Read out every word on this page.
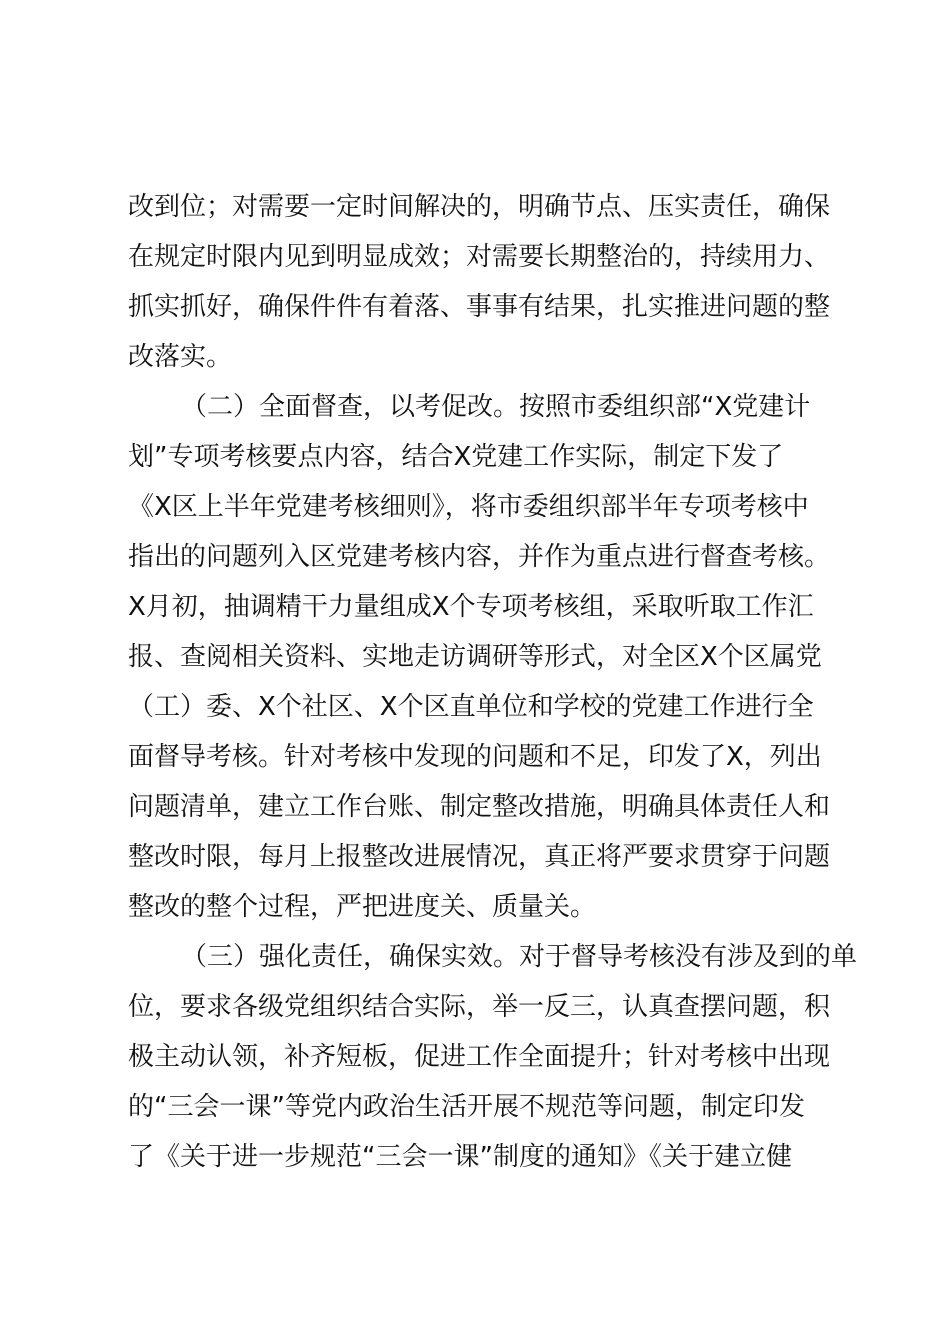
改到位；对需要一定时间解决的，明确节点、压实责任，确保
在规定时限内见到明显成效；对需要长期整治的，持续用力、
抓实抓好，确保件件有着落、事事有结果，扎实推进问题的整
改落实。
（二）全面督查，以考促改。按照市委组织部“X党建计
划”专项考核要点内容，结合X党建工作实际，制定下发了
《X区上半年党建考核细则》，将市委组织部半年专项考核中
指出的问题列入区党建考核内容，并作为重点进行督查考核。
X月初，抽调精干力量组成X个专项考核组，采取听取工作汇
报、查阅相关资料、实地走访调研等形式，对全区X个区属党
（工）委、X个社区、X个区直单位和学校的党建工作进行全
面督导考核。针对考核中发现的问题和不足，印发了X，列出
问题清单，建立工作台账、制定整改措施，明确具体责任人和
整改时限，每月上报整改进展情况，真正将严要求贯穿于问题
整改的整个过程，严把进度关、质量关。
（三）强化责任，确保实效。对于督导考核没有涉及到的单
位，要求各级党组织结合实际，举一反三，认真查摆问题，积
极主动认领，补齐短板，促进工作全面提升；针对考核中出现
的“三会一课”等党内政治生活开展不规范等问题，制定印发
了《关于进一步规范“三会一课”制度的通知》《关于建立健
